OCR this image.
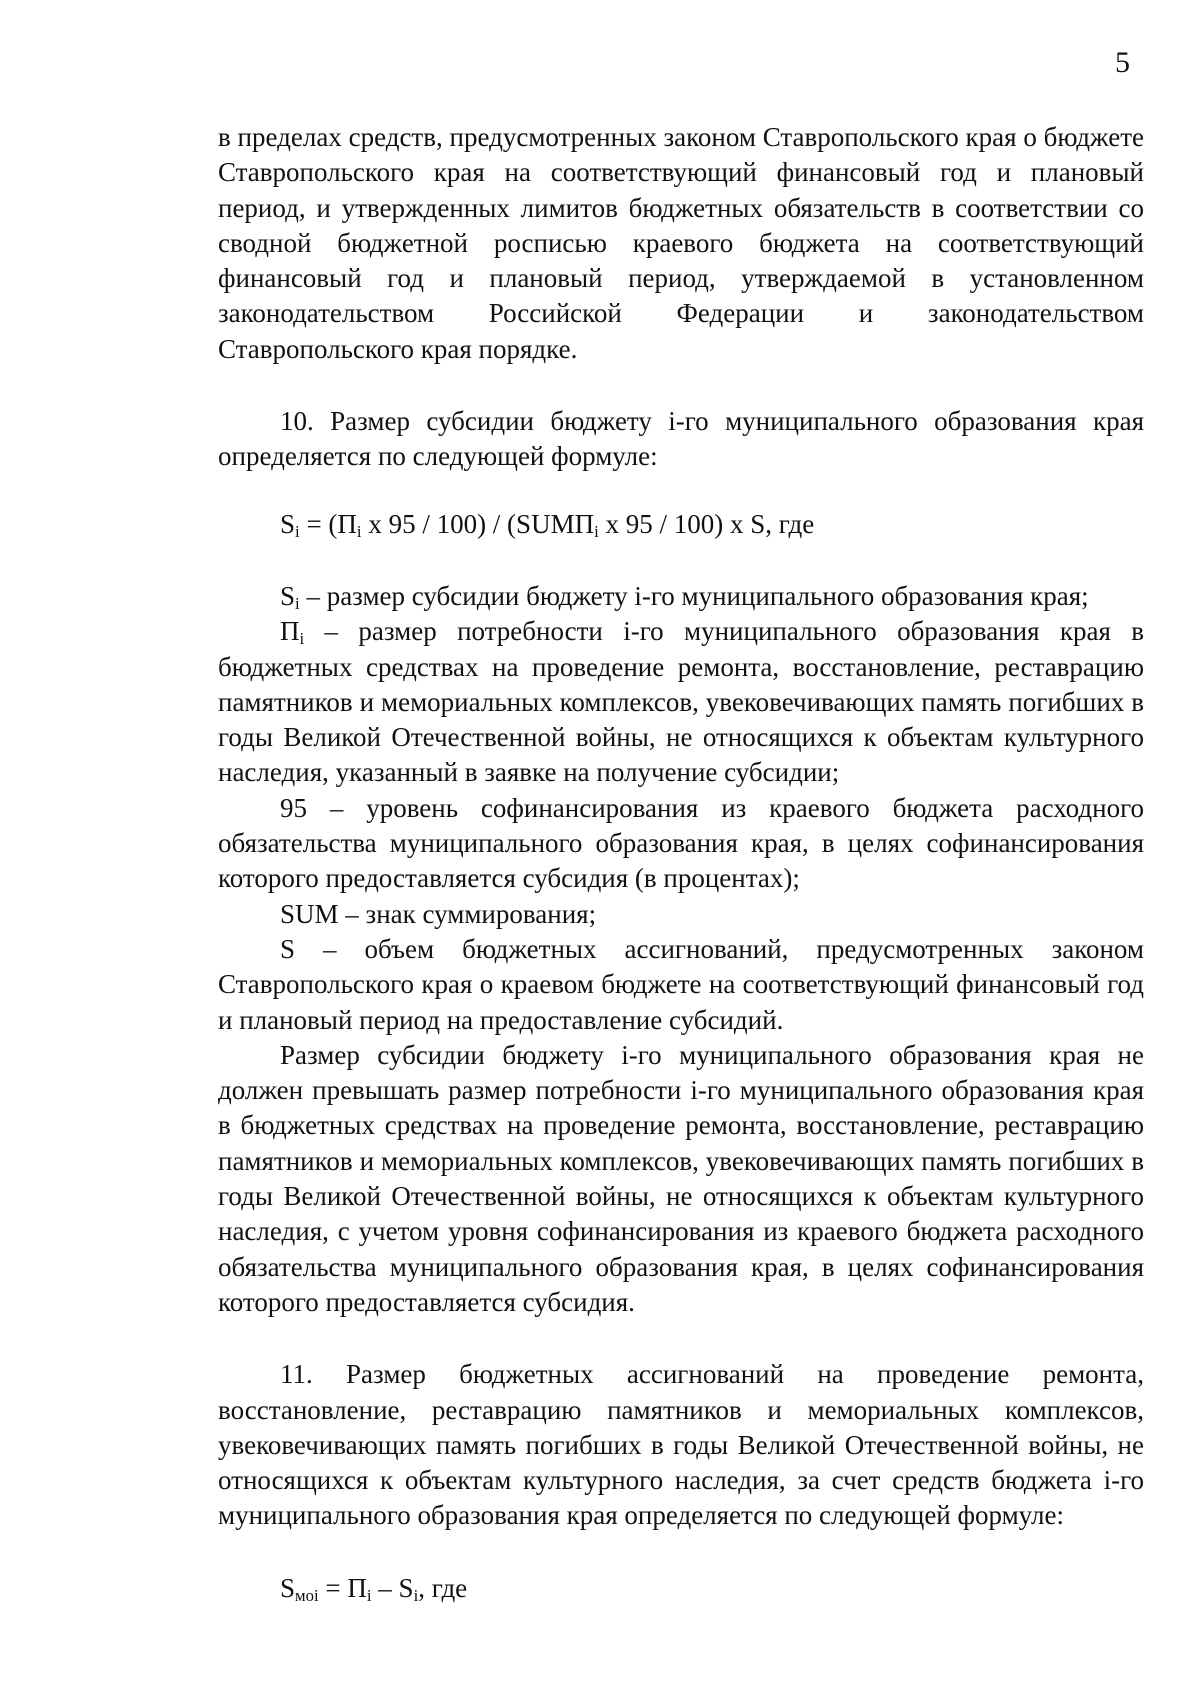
5

в пределах средств, предусмотренных законом Ставропольского края о бюджете Ставропольского края на соответствующий финансовый год и плановый период, и утвержденных лимитов бюджетных обязательств в соответствии со сводной бюджетной росписью краевого бюджета на соответствующий финансовый год и плановый период, утверждаемой в установленном законодательством Российской Федерации и законодательством Ставропольского края порядке.

10. Размер субсидии бюджету i-го муниципального образования края определяется по следующей формуле:

$S_i = (П_i$ x $95 / 100) / (SUMП_i$ x 95 / 100) x S, где

$S_i$ – размер субсидии бюджету i-го муниципального образования края;

$П_i$ – размер потребности i-го муниципального образования края в бюджетных средствах на проведение ремонта, восстановление, реставрацию памятников и мемориальных комплексов, увековечивающих память погибших в годы Великой Отечественной войны, не относящихся к объектам культурного наследия, указанный в заявке на получение субсидии;

95 – уровень софинансирования из краевого бюджета расходного обязательства муниципального образования края, в целях софинансирования которого предоставляется субсидия (в процентах);

SUM – знак суммирования;

S – объем бюджетных ассигнований, предусмотренных законом Ставропольского края о краевом бюджете на соответствующий финансовый год и плановый период на предоставление субсидий.

Размер субсидии бюджету i-го муниципального образования края не должен превышать размер потребности i-го муниципального образования края в бюджетных средствах на проведение ремонта, восстановление, реставрацию памятников и мемориальных комплексов, увековечивающих память погибших в годы Великой Отечественной войны, не относящихся к объектам культурного наследия, с учетом уровня софинансирования из краевого бюджета расходного обязательства муниципального образования края, в целях софинансирования которого предоставляется субсидия.

11. Размер бюджетных ассигнований на проведение ремонта, восстановление, реставрацию памятников и мемориальных комплексов, увековечивающих память погибших в годы Великой Отечественной войны, не относящихся к объектам культурного наследия, за счет средств бюджета i-го муниципального образования края определяется по следующей формуле:

$S_{моi} = П_i - S_i$, где
